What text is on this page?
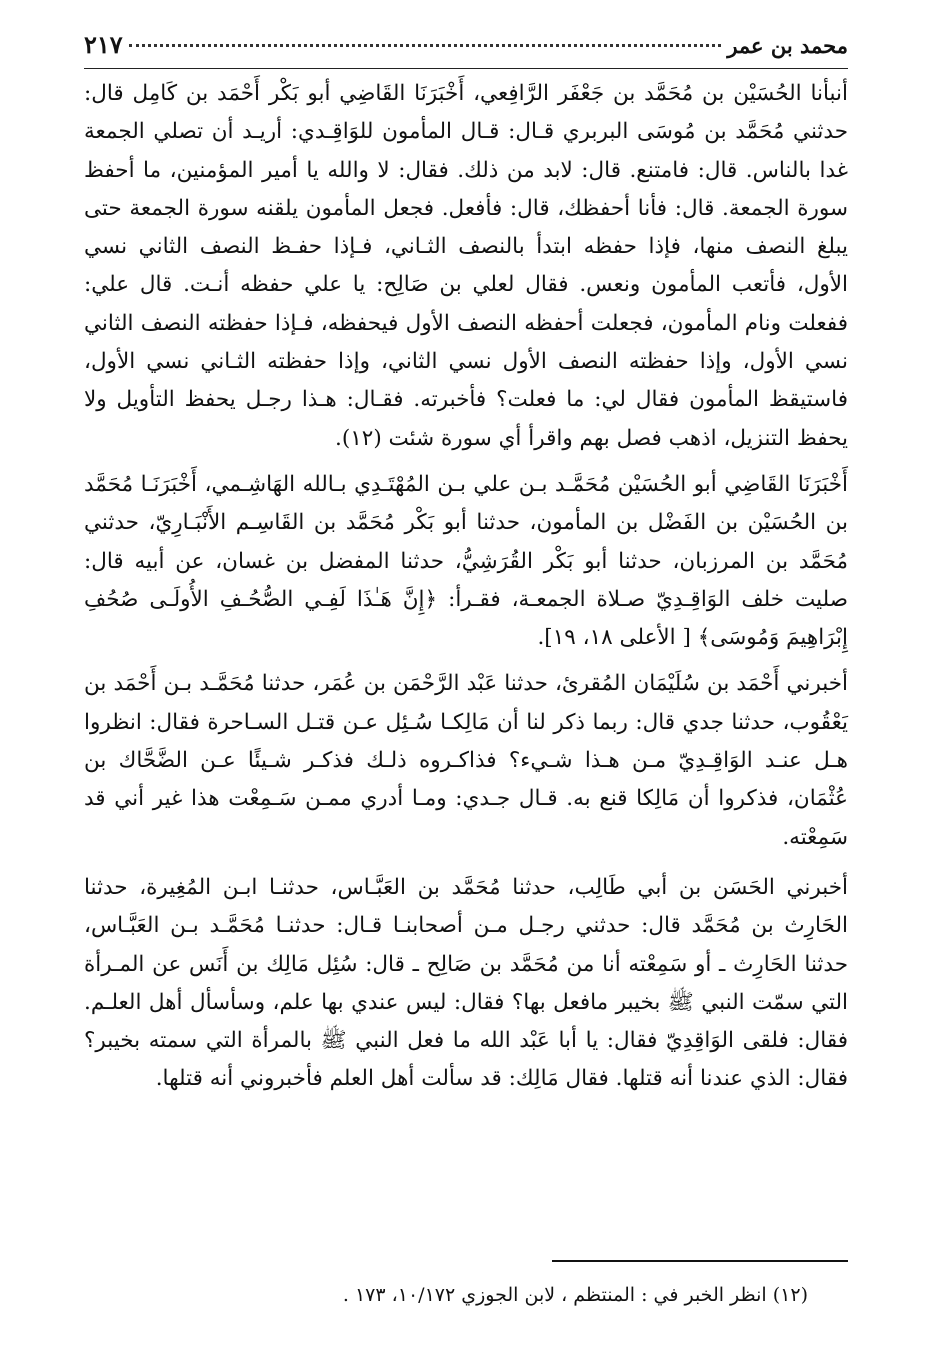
محمد بن عمر
٢١٧

أنبأنا الحُسَيْن بن مُحَمَّد بن جَعْفَر الرَّافِعي، أَخْبَرَنَا القَاضِي أبو بَكْر أَحْمَد بن كَامِل قال: حدثني مُحَمَّد بن مُوسَى البربري قـال: قـال المأمون للوَاقِـدي: أريـد أن تصلي الجمعة غدا بالناس. قال: فامتنع. قال: لابد من ذلك. فقال: لا والله يا أمير المؤمنين، ما أحفظ سورة الجمعة. قال: فأنا أحفظك، قال: فأفعل. فجعل المأمون يلقنه سورة الجمعة حتى يبلغ النصف منها، فإذا حفظه ابتدأ بالنصف الثـاني، فـإذا حفـظ النصف الثاني نسي الأول، فأتعب المأمون ونعس. فقال لعلي بن صَالِح: يا علي حفظه أنـت. قال علي: ففعلت ونام المأمون، فجعلت أحفظه النصف الأول فيحفظه، فـإذا حفظته النصف الثاني نسي الأول، وإذا حفظته النصف الأول نسي الثاني، وإذا حفظته الثـاني نسي الأول، فاستيقظ المأمون فقال لي: ما فعلت؟ فأخبرته. فقـال: هـذا رجـل يحفظ التأويل ولا يحفظ التنزيل، اذهب فصل بهم واقرأ أي سورة شئت (١٢).

أَخْبَرَنَا القَاضِي أبو الحُسَيْن مُحَمَّـد بـن علي بـن المُهْتَـدِي بـالله الهَاشِـمي، أَخْبَرَنَـا مُحَمَّد بن الحُسَيْن بن الفَضْل بن المأمون، حدثنا أبو بَكْر مُحَمَّد بن القَاسِـم الأَنْبَـارِيّ، حدثني مُحَمَّد بن المرزبان، حدثنا أبو بَكْر القُرَشِيُّ، حدثنا المفضل بن غسان، عن أبيه قال: صليت خلف الوَاقِـدِيّ صـلاة الجمعـة، فقـرأ: ﴿إِنَّ هَـٰذَا لَفِـي الصُّحُـفِ الأُولَـى صُحُفِ إِبْرَاهِيمَ وَمُوسَى﴾ [ الأعلى ١٨، ١٩].

أخبرني أَحْمَد بن سُلَيْمَان المُقرئ، حدثنا عَبْد الرَّحْمَن بن عُمَر، حدثنا مُحَمَّـد بـن أَحْمَد بن يَعْقُوب، حدثنا جدي قال: ربما ذكر لنا أن مَالِكـا سُـئِل عـن قتـل السـاحرة فقال: انظروا هـل عنـد الوَاقِـدِيّ مـن هـذا شـيء؟ فذاكـروه ذلـك فذكـر شـيئًا عـن الضَّحَّاك بن عُثْمَان، فذكروا أن مَالِكا قنع به. قـال جـدي: ومـا أدري ممـن سَـمِعْت هذا غير أني قد سَمِعْته.

أخبرني الحَسَن بن أبي طَالِب، حدثنا مُحَمَّد بن العَبَّـاس، حدثنـا ابـن المُغِيرة، حدثنا الحَارِث بن مُحَمَّد قال: حدثني رجـل مـن أصحابنـا قـال: حدثنـا مُحَمَّـد بـن العَبَّـاس، حدثنا الحَارِث ـ أو سَمِعْته أنا من مُحَمَّد بن صَالِح ـ قال: سُئِل مَالِك بن أَنَس عن المـرأة التي سمّت النبي ﷺ بخيبر مافعل بها؟ فقال: ليس عندي بها علم، وسأسأل أهل العلـم. فقال: فلقى الوَاقِدِيّ فقال: يا أبا عَبْد الله ما فعل النبي ﷺ بالمرأة التي سمته بخيبر؟ فقال: الذي عندنا أنه قتلها. فقال مَالِك: قد سألت أهل العلم فأخبروني أنه قتلها.

(١٢) انظر الخبر في : المنتظم ، لابن الجوزي ١٠/١٧٢، ١٧٣ .
